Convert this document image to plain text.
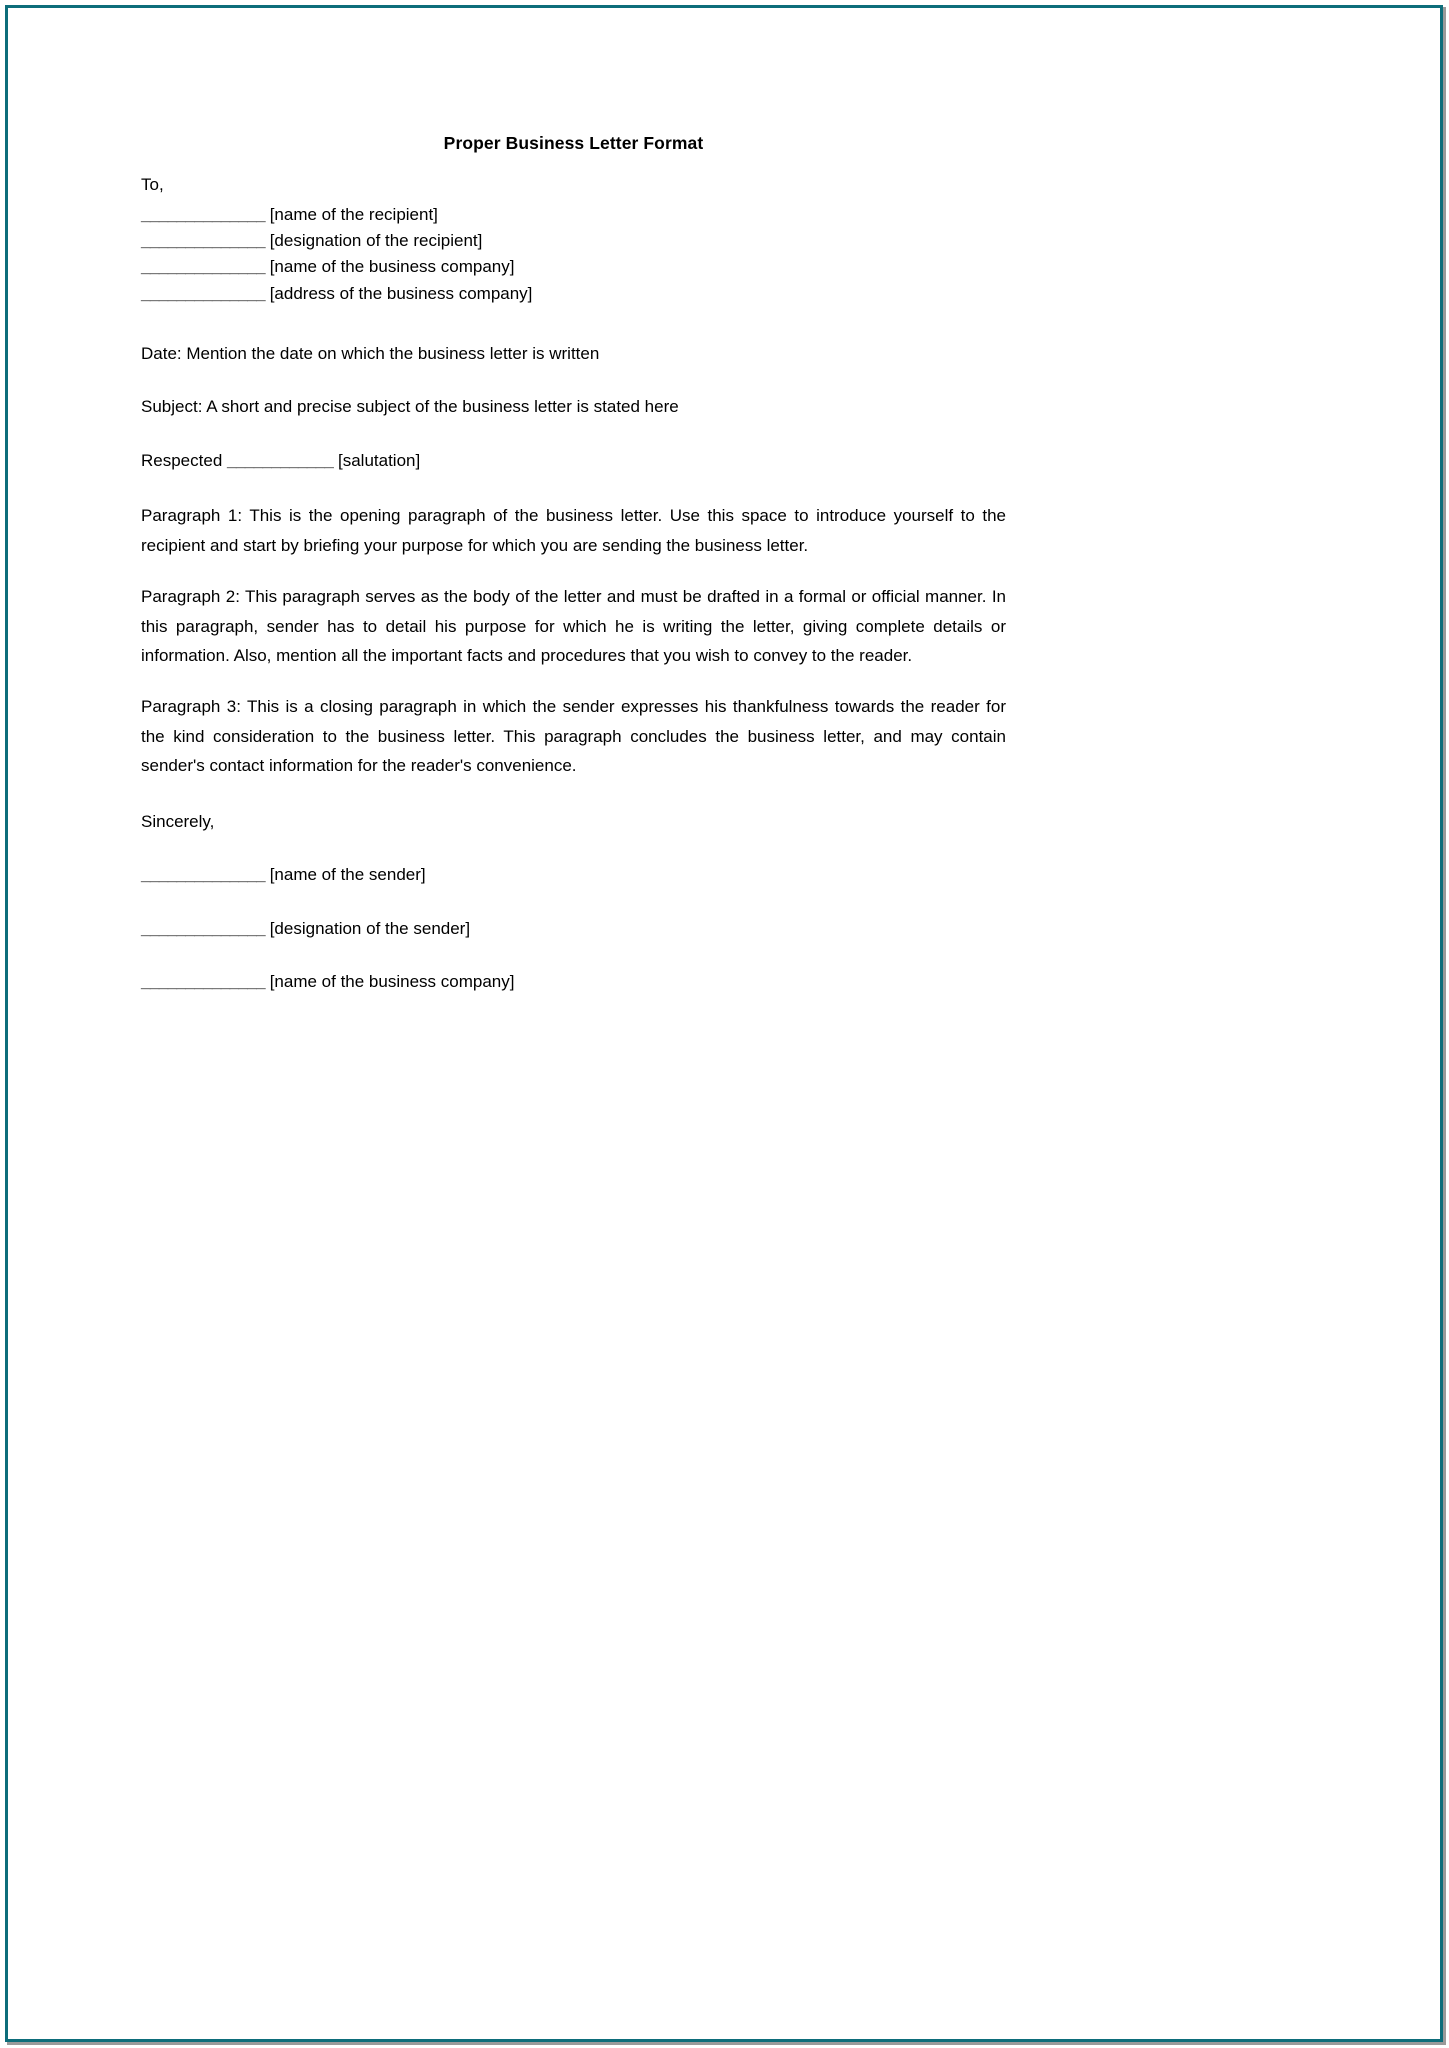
Proper Business Letter Format
To,

______________ [name of the recipient]

______________ [designation of the recipient]

______________ [name of the business company]

______________ [address of the business company]

Date: Mention the date on which the business letter is written

Subject: A short and precise subject of the business letter is stated here

Respected ____________ [salutation]

Paragraph 1: This is the opening paragraph of the business letter. Use this space to introduce yourself to the recipient and start by briefing your purpose for which you are sending the business letter.

Paragraph 2: This paragraph serves as the body of the letter and must be drafted in a formal or official manner. In this paragraph, sender has to detail his purpose for which he is writing the letter, giving complete details or information. Also, mention all the important facts and procedures that you wish to convey to the reader.

Paragraph 3: This is a closing paragraph in which the sender expresses his thankfulness towards the reader for the kind consideration to the business letter. This paragraph concludes the business letter, and may contain sender's contact information for the reader's convenience.

Sincerely,

______________ [name of the sender]

______________ [designation of the sender]

______________ [name of the business company]
